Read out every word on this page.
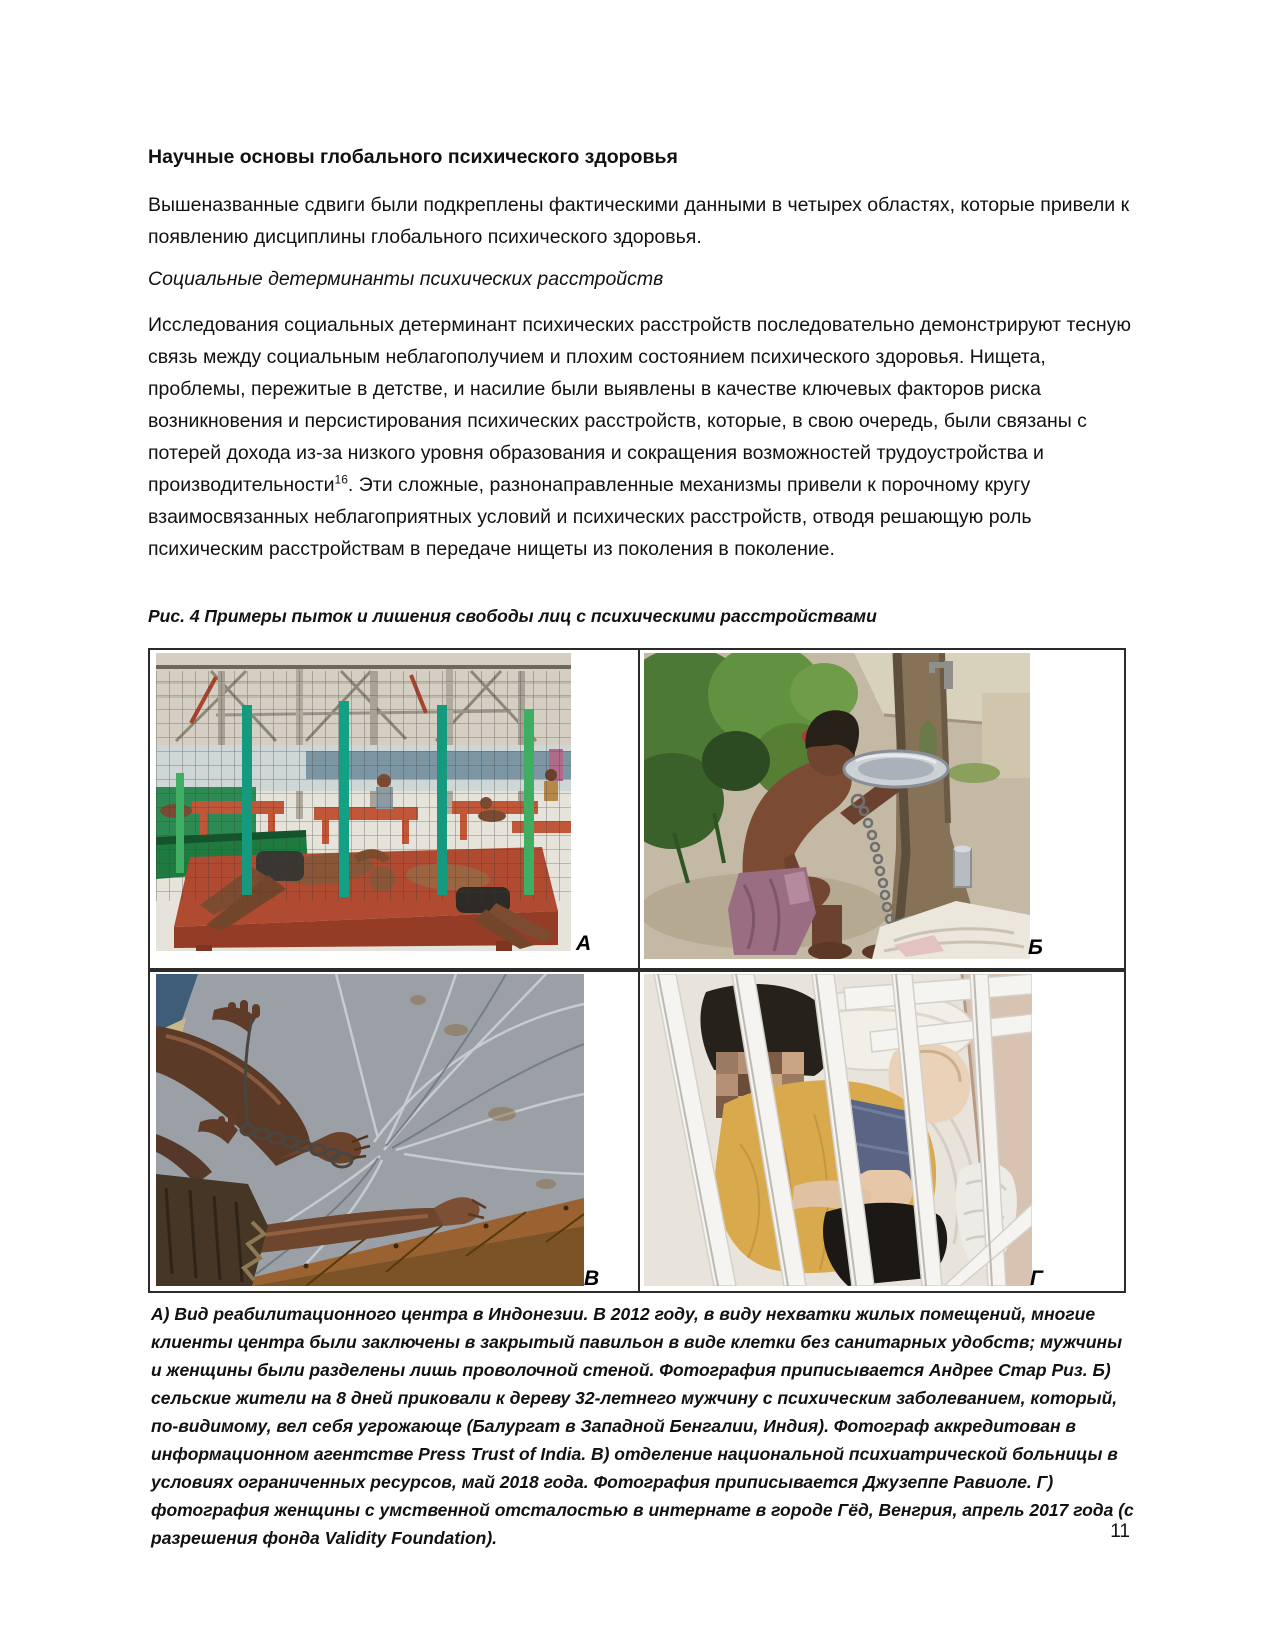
Научные основы глобального психического здоровья

Вышеназванные сдвиги были подкреплены фактическими данными в четырех областях, которые привели к появлению дисциплины глобального психического здоровья.

Социальные детерминанты психических расстройств

Исследования социальных детерминант психических расстройств последовательно демонстрируют тесную связь между социальным неблагополучием и плохим состоянием психического здоровья. Нищета, проблемы, пережитые в детстве, и насилие были выявлены в качестве ключевых факторов риска возникновения и персистирования психических расстройств, которые, в свою очередь, были связаны с потерей дохода из-за низкого уровня образования и сокращения возможностей трудоустройства и производительности$^{16}$. Эти сложные, разнонаправленные механизмы привели к порочному кругу взаимосвязанных неблагоприятных условий и психических расстройств, отводя решающую роль психическим расстройствам в передаче нищеты из поколения в поколение.

Рис. 4 Примеры пыток и лишения свободы лиц с психическими расстройствами

А	Б
В	Г

А) Вид реабилитационного центра в Индонезии. В 2012 году, в виду нехватки жилых помещений, многие клиенты центра были заключены в закрытый павильон в виде клетки без санитарных удобств; мужчины и женщины были разделены лишь проволочной стеной. Фотография приписывается Андрее Стар Риз. Б) сельские жители на 8 дней приковали к дереву 32-летнего мужчину с психическим заболеванием, который, по-видимому, вел себя угрожающе (Балургат в Западной Бенгалии, Индия). Фотограф аккредитован в информационном агентстве Press Trust of India. В) отделение национальной психиатрической больницы в условиях ограниченных ресурсов, май 2018 года. Фотография приписывается Джузеппе Равиоле. Г) фотография женщины с умственной отсталостью в интернате в городе Гёд, Венгрия, апрель 2017 года (с разрешения фонда Validity Foundation).	11
